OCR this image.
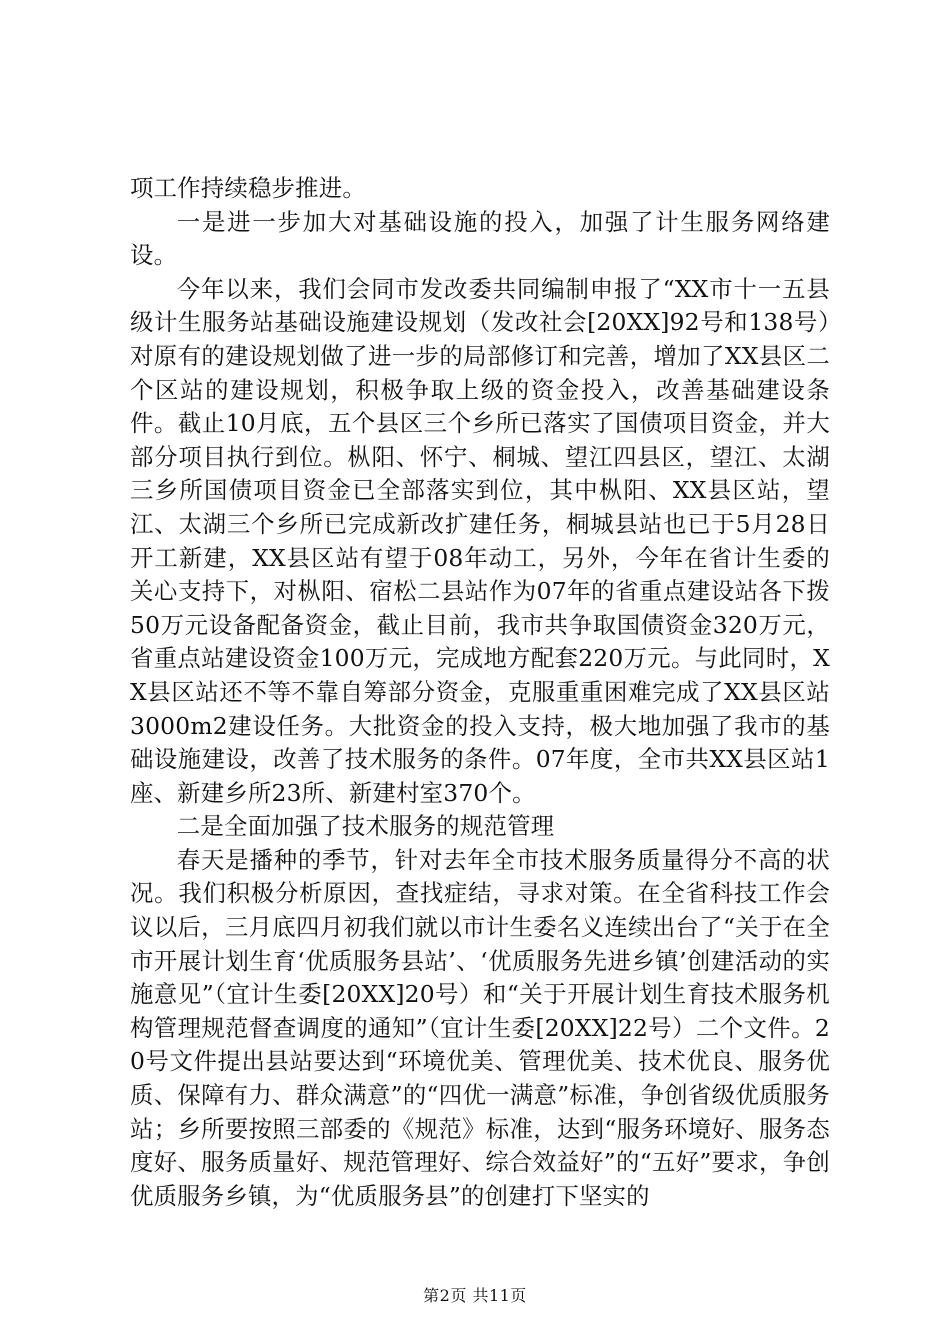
项工作持续稳步推进。

一是进一步加大对基础设施的投入，加强了计生服务网络建设。

今年以来，我们会同市发改委共同编制申报了“XX市十一五县级计生服务站基础设施建设规划（发改社会[20XX]92号和138号）对原有的建设规划做了进一步的局部修订和完善，增加了XX县区二个区站的建设规划，积极争取上级的资金投入，改善基础建设条件。截止10月底，五个县区三个乡所已落实了国债项目资金，并大部分项目执行到位。枞阳、怀宁、桐城、望江四县区，望江、太湖三乡所国债项目资金已全部落实到位，其中枞阳、XX县区站，望江、太湖三个乡所已完成新改扩建任务，桐城县站也已于5月28日开工新建，XX县区站有望于08年动工，另外，今年在省计生委的关心支持下，对枞阳、宿松二县站作为07年的省重点建设站各下拨50万元设备配备资金，截止目前，我市共争取国债资金320万元，省重点站建设资金100万元，完成地方配套220万元。与此同时，XX县区站还不等不靠自筹部分资金，克服重重困难完成了XX县区站3000m2建设任务。大批资金的投入支持，极大地加强了我市的基础设施建设，改善了技术服务的条件。07年度，全市共XX县区站1座、新建乡所23所、新建村室370个。

二是全面加强了技术服务的规范管理

春天是播种的季节，针对去年全市技术服务质量得分不高的状况。我们积极分析原因，查找症结，寻求对策。在全省科技工作会议以后，三月底四月初我们就以市计生委名义连续出台了“关于在全市开展计划生育‘优质服务县站’、‘优质服务先进乡镇’创建活动的实施意见”（宜计生委[20XX]20号）和“关于开展计划生育技术服务机构管理规范督查调度的通知”（宜计生委[20XX]22号）二个文件。20号文件提出县站要达到“环境优美、管理优美、技术优良、服务优质、保障有力、群众满意”的“四优一满意”标准，争创省级优质服务站；乡所要按照三部委的《规范》标准，达到“服务环境好、服务态度好、服务质量好、规范管理好、综合效益好”的“五好”要求，争创优质服务乡镇，为“优质服务县”的创建打下坚实的

第2页 共11页
